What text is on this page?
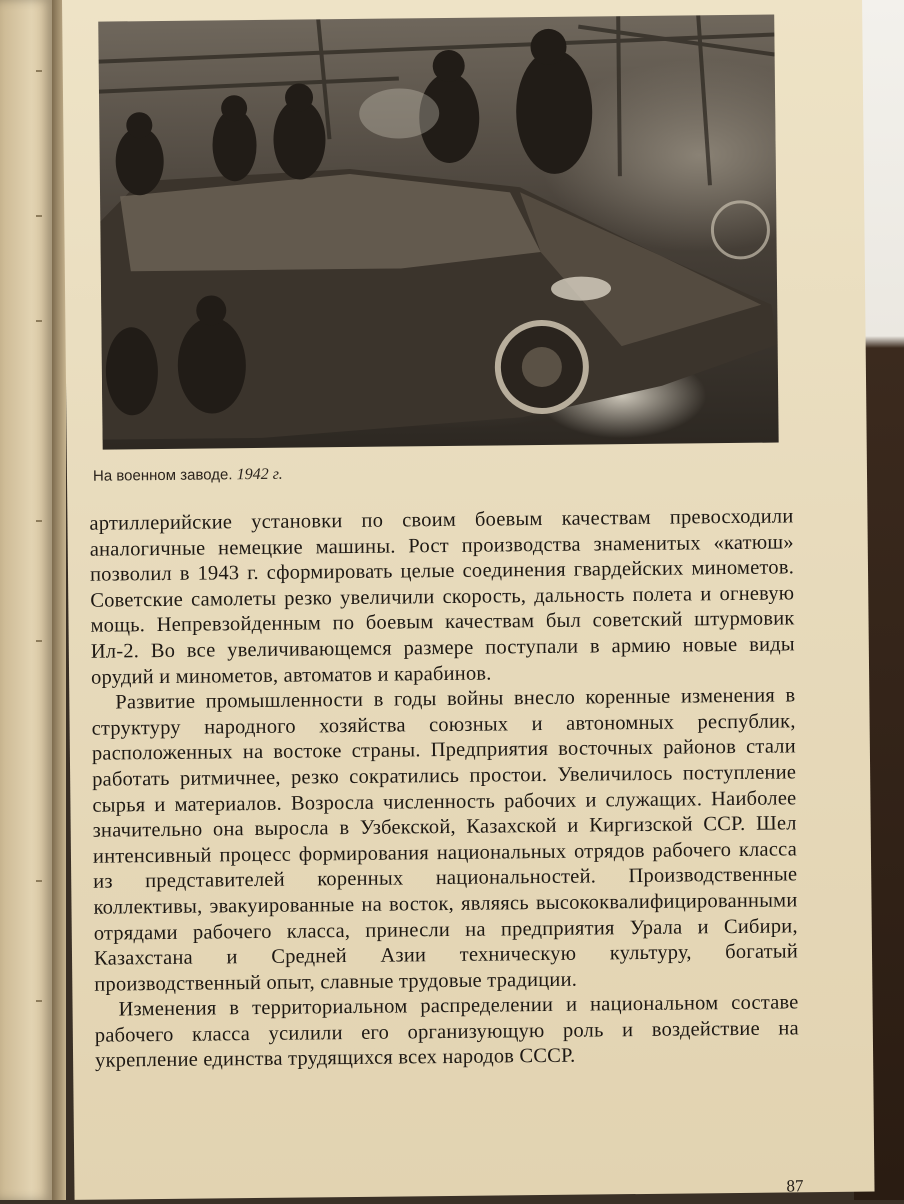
На военном заводе. 1942 г.

артиллерийские установки по своим боевым качествам превосходили аналогичные немецкие машины. Рост производства знаменитых «катюш» позволил в 1943 г. сформировать целые соединения гвардейских минометов. Советские самолеты резко увеличили скорость, дальность полета и огневую мощь. Непревзойденным по боевым качествам был советский штурмовик Ил-2. Во все увеличивающемся размере поступали в армию новые виды орудий и минометов, автоматов и карабинов.

Развитие промышленности в годы войны внесло коренные изменения в структуру народного хозяйства союзных и автономных республик, расположенных на востоке страны. Предприятия восточных районов стали работать ритмичнее, резко сократились простои. Увеличилось поступление сырья и материалов. Возросла численность рабочих и служащих. Наиболее значительно она выросла в Узбекской, Казахской и Киргизской ССР. Шел интенсивный процесс формирования национальных отрядов рабочего класса из представителей коренных национальностей. Производственные коллективы, эвакуированные на восток, являясь высококвалифицированными отрядами рабочего класса, принесли на предприятия Урала и Сибири, Казахстана и Средней Азии техническую культуру, богатый производственный опыт, славные трудовые традиции.

Изменения в территориальном распределении и национальном составе рабочего класса усилили его организующую роль и воздействие на укрепление единства трудящихся всех народов СССР.

87
